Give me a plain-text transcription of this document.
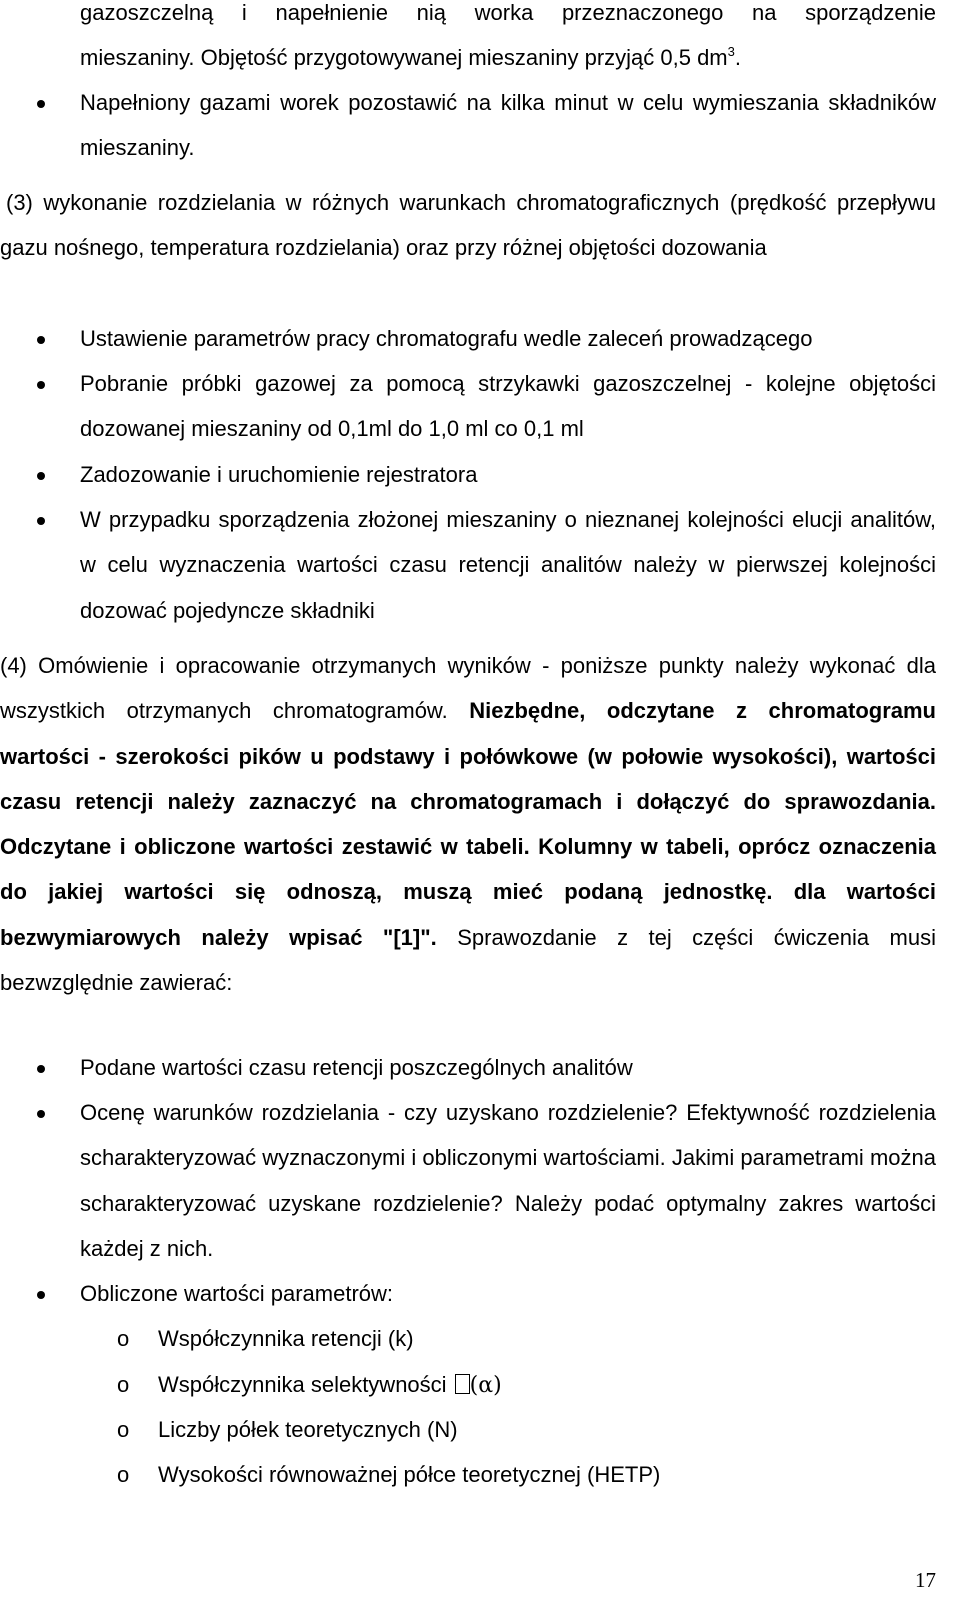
gazoszczelną i napełnienie nią worka przeznaczonego na sporządzenie
mieszaniny. Objętość przygotowywanej mieszaniny przyjąć 0,5 $dm^3$.
Napełniony gazami worek pozostawić na kilka minut w celu wymieszania składników mieszaniny.
(3) wykonanie rozdzielania w różnych warunkach chromatograficznych (prędkość przepływu gazu nośnego, temperatura rozdzielania) oraz przy różnej objętości dozowania
Ustawienie parametrów pracy chromatografu wedle zaleceń prowadzącego
Pobranie próbki gazowej za pomocą strzykawki gazoszczelnej - kolejne objętości dozowanej mieszaniny od 0,1ml do 1,0 ml co 0,1 ml
Zadozowanie i uruchomienie rejestratora
W przypadku sporządzenia złożonej mieszaniny o nieznanej kolejności elucji analitów, w celu wyznaczenia wartości czasu retencji analitów należy w pierwszej kolejności dozować pojedyncze składniki
(4) Omówienie i opracowanie otrzymanych wyników - poniższe punkty należy wykonać dla wszystkich otrzymanych chromatogramów. Niezbędne, odczytane z chromatogramu wartości - szerokości pików u podstawy i połówkowe (w połowie wysokości), wartości czasu retencji należy zaznaczyć na chromatogramach i dołączyć do sprawozdania. Odczytane i obliczone wartości zestawić w tabeli. Kolumny w tabeli, oprócz oznaczenia do jakiej wartości się odnoszą, muszą mieć podaną jednostkę. dla wartości bezwymiarowych należy wpisać "[1]". Sprawozdanie z tej części ćwiczenia musi bezwzględnie zawierać:
Podane wartości czasu retencji poszczególnych analitów
Ocenę warunków rozdzielania - czy uzyskano rozdzielenie? Efektywność rozdzielenia scharakteryzować wyznaczonymi i obliczonymi wartościami. Jakimi parametrami można scharakteryzować uzyskane rozdzielenie? Należy podać optymalny zakres wartości każdej z nich.
Obliczone wartości parametrów:
o Współczynnika retencji (k)
o Współczynnika selektywności (α)
o Liczby półek teoretycznych (N)
o Wysokości równoważnej półce teoretycznej (HETP)
17
